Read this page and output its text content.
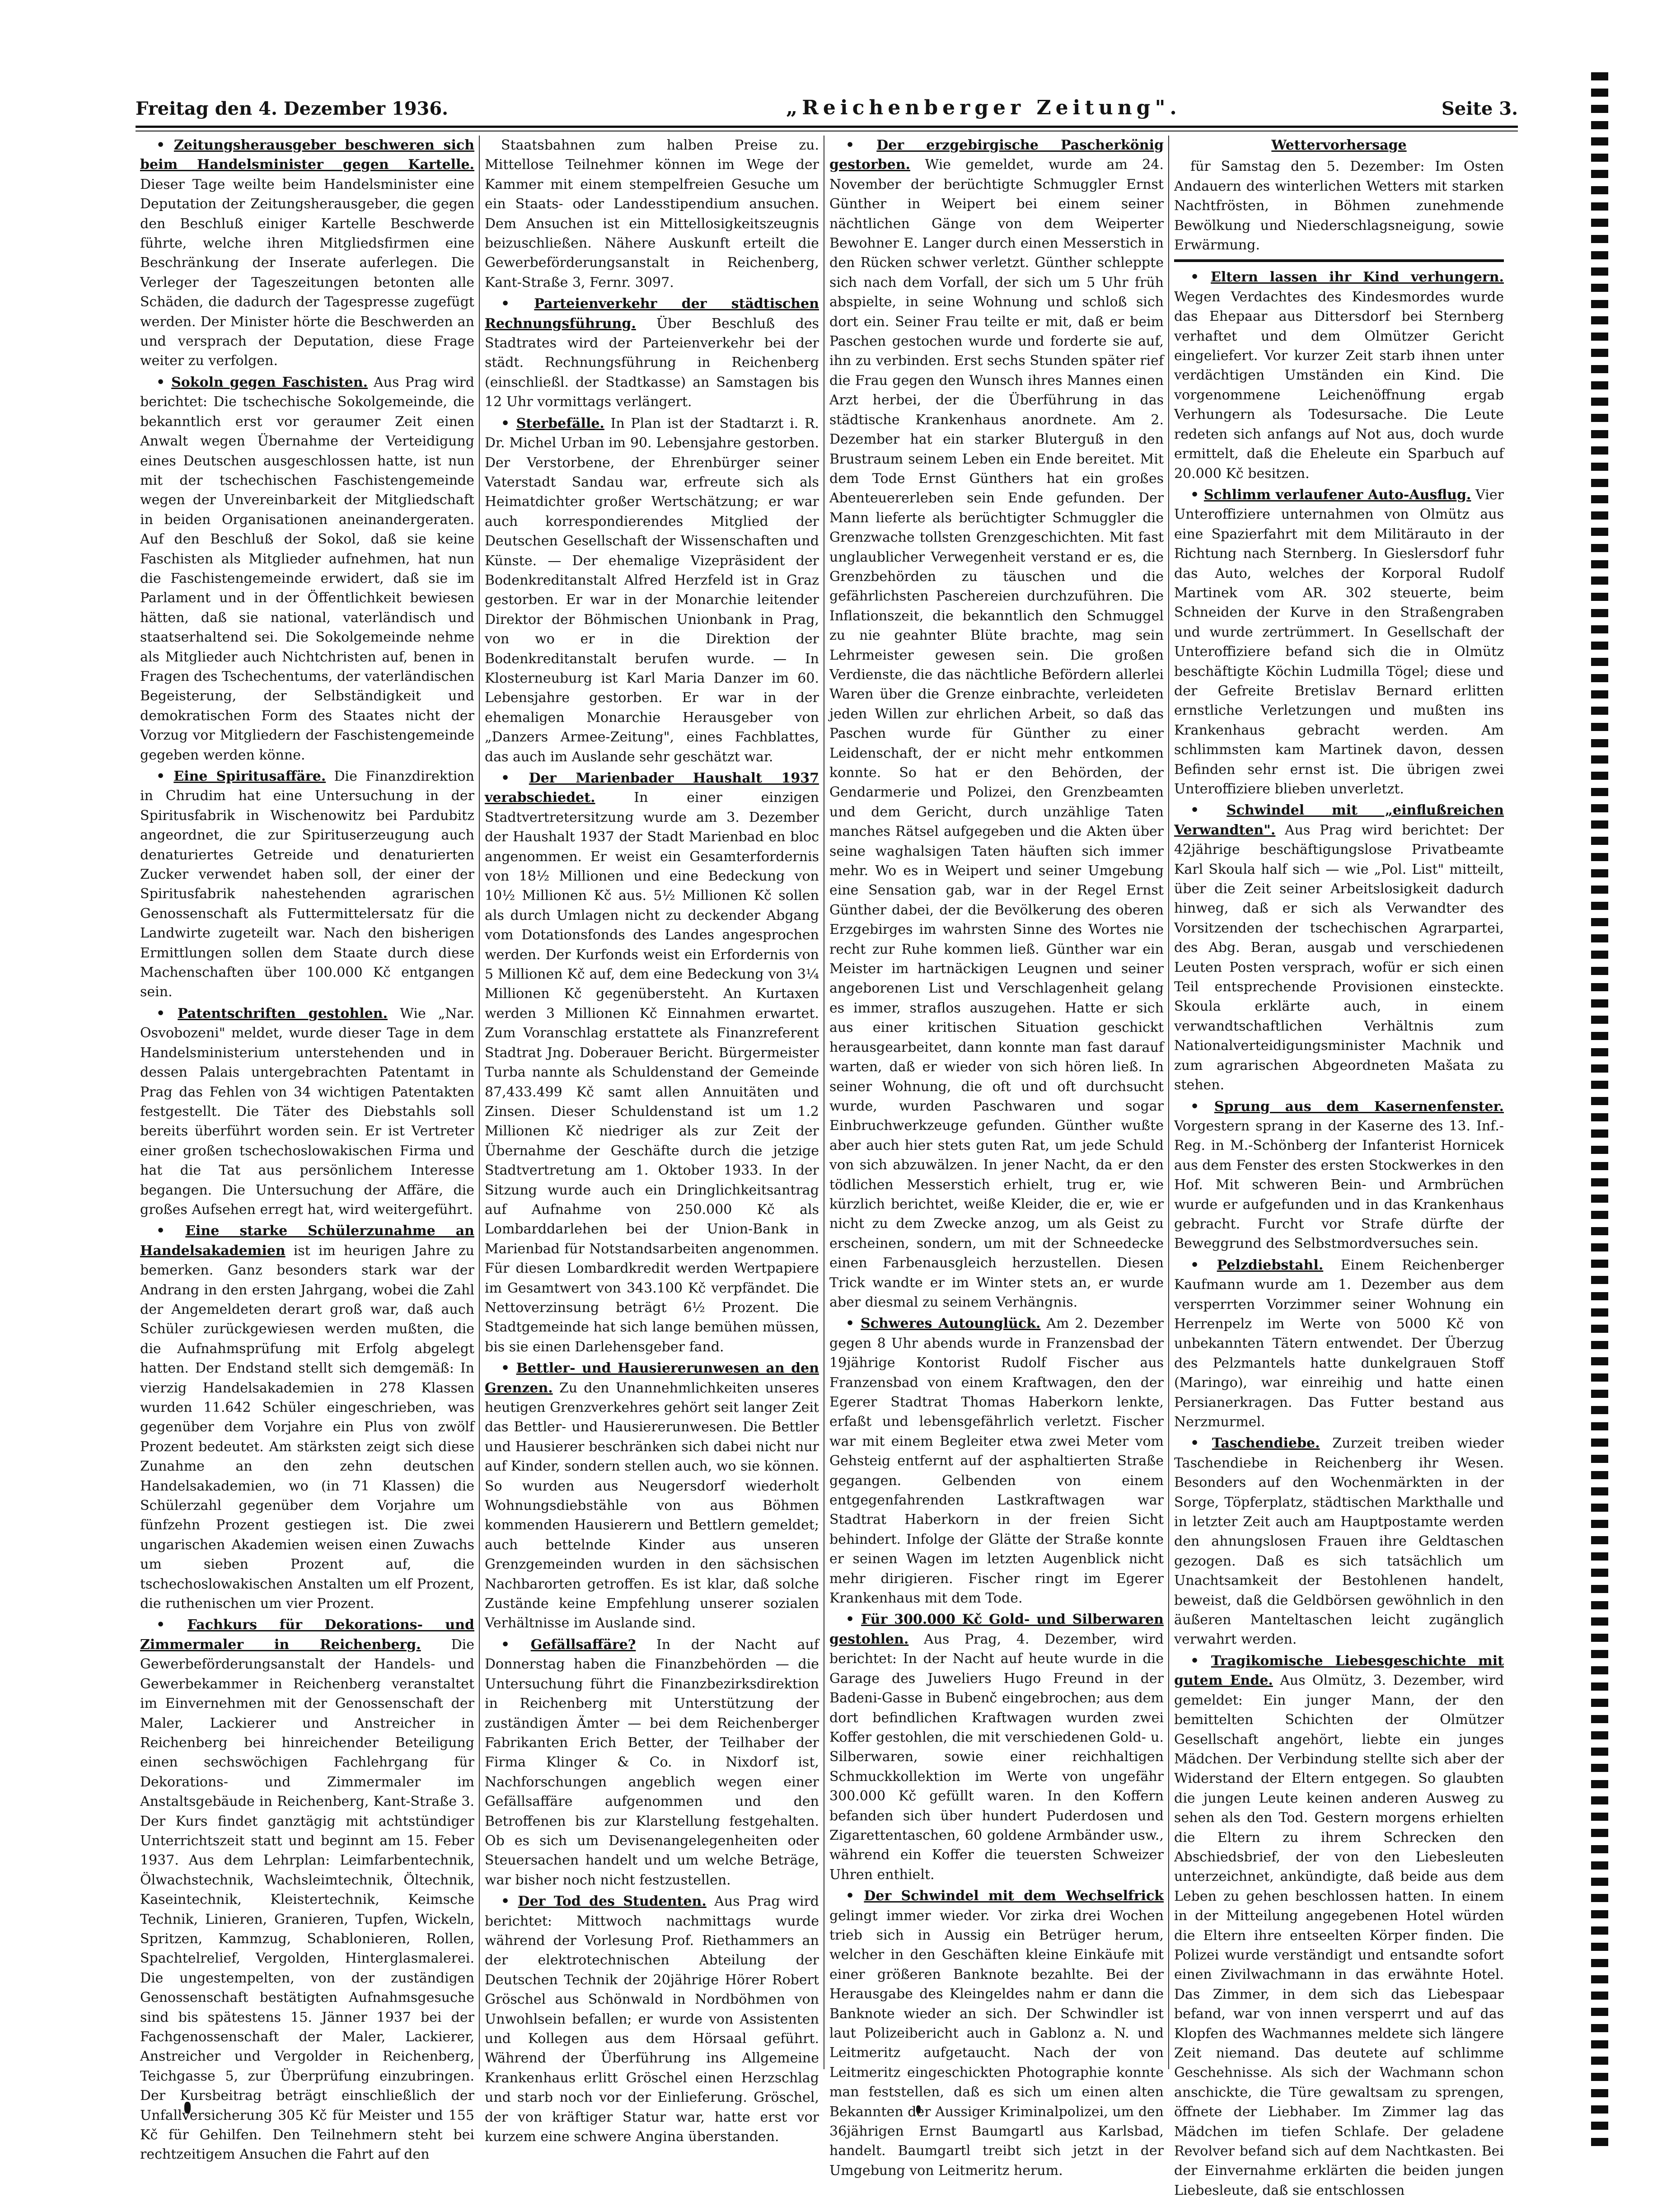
Freitag den 4. Dezember 1936.	„Reichenberger Zeitung".	Seite 3.

• Zeitungsherausgeber beschweren sich beim Handelsminister gegen Kartelle. Dieser Tage weilte beim Handelsminister eine Deputation der Zeitungsherausgeber, die gegen den Beschluß einiger Kartelle Beschwerde führte, welche ihren Mitgliedsfirmen eine Beschränkung der Inserate auferlegen. Die Verleger der Tageszeitungen betonten alle Schäden, die dadurch der Tagespresse zugefügt werden. Der Minister hörte die Beschwerden an und versprach der Deputation, diese Frage weiter zu verfolgen.

• Sokoln gegen Faschisten. Aus Prag wird berichtet: Die tschechische Sokolgemeinde, die bekanntlich erst vor geraumer Zeit einen Anwalt wegen Übernahme der Verteidigung eines Deutschen ausgeschlossen hatte, ist nun mit der tschechischen Faschistengemeinde wegen der Unvereinbarkeit der Mitgliedschaft in beiden Organisationen aneinandergeraten. Auf den Beschluß der Sokol, daß sie keine Faschisten als Mitglieder aufnehmen, hat nun die Faschistengemeinde erwidert, daß sie im Parlament und in der Öffentlichkeit bewiesen hätten, daß sie national, vaterländisch und staatserhaltend sei. Die Sokolgemeinde nehme als Mitglieder auch Nichtchristen auf, benen in Fragen des Tschechentums, der vaterländischen Begeisterung, der Selbständigkeit und demokratischen Form des Staates nicht der Vorzug vor Mitgliedern der Faschistengemeinde gegeben werden könne.

• Eine Spiritusaffäre. Die Finanzdirektion in Chrudim hat eine Untersuchung in der Spiritusfabrik in Wischenowitz bei Pardubitz angeordnet, die zur Spirituserzeugung auch denaturiertes Getreide und denaturierten Zucker verwendet haben soll, der einer der Spiritusfabrik nahestehenden agrarischen Genossenschaft als Futtermittelersatz für die Landwirte zugeteilt war. Nach den bisherigen Ermittlungen sollen dem Staate durch diese Machenschaften über 100.000 Kč entgangen sein.

• Patentschriften gestohlen. Wie „Nar. Osvobozeni" meldet, wurde dieser Tage in dem Handelsministerium unterstehenden und in dessen Palais untergebrachten Patentamt in Prag das Fehlen von 34 wichtigen Patentakten festgestellt. Die Täter des Diebstahls soll bereits überführt worden sein. Er ist Vertreter einer großen tschechoslowakischen Firma und hat die Tat aus persönlichem Interesse begangen. Die Untersuchung der Affäre, die großes Aufsehen erregt hat, wird weitergeführt.

• Eine starke Schülerzunahme an Handelsakademien ist im heurigen Jahre zu bemerken. Ganz besonders stark war der Andrang in den ersten Jahrgang, wobei die Zahl der Angemeldeten derart groß war, daß auch Schüler zurückgewiesen werden mußten, die die Aufnahmsprüfung mit Erfolg abgelegt hatten. Der Endstand stellt sich demgemäß: In vierzig Handelsakademien in 278 Klassen wurden 11.642 Schüler eingeschrieben, was gegenüber dem Vorjahre ein Plus von zwölf Prozent bedeutet. Am stärksten zeigt sich diese Zunahme an den zehn deutschen Handelsakademien, wo (in 71 Klassen) die Schülerzahl gegenüber dem Vorjahre um fünfzehn Prozent gestiegen ist. Die zwei ungarischen Akademien weisen einen Zuwachs um sieben Prozent auf, die tschechoslowakischen Anstalten um elf Prozent, die ruthenischen um vier Prozent.

• Fachkurs für Dekorations- und Zimmermaler in Reichenberg. Die Gewerbeförderungsanstalt der Handels- und Gewerbekammer in Reichenberg veranstaltet im Einvernehmen mit der Genossenschaft der Maler, Lackierer und Anstreicher in Reichenberg bei hinreichender Beteiligung einen sechswöchigen Fachlehrgang für Dekorations- und Zimmermaler im Anstaltsgebäude in Reichenberg, Kant-Straße 3. Der Kurs findet ganztägig mit achtstündiger Unterrichtszeit statt und beginnt am 15. Feber 1937. Aus dem Lehrplan: Leimfarbentechnik, Ölwachstechnik, Wachsleimtechnik, Öltechnik, Kaseintechnik, Kleistertechnik, Keimsche Technik, Linieren, Granieren, Tupfen, Wickeln, Spritzen, Kammzug, Schablonieren, Rollen, Spachtelrelief, Vergolden, Hinterglasmalerei. Die ungestempelten, von der zuständigen Genossenschaft bestätigten Aufnahmsgesuche sind bis spätestens 15. Jänner 1937 bei der Fachgenossenschaft der Maler, Lackierer, Anstreicher und Vergolder in Reichenberg, Teichgasse 5, zur Überprüfung einzubringen. Der Kursbeitrag beträgt einschließlich der Unfallversicherung 305 Kč für Meister und 155 Kč für Gehilfen. Den Teilnehmern steht bei rechtzeitigem Ansuchen die Fahrt auf den

Staatsbahnen zum halben Preise zu. Mittellose Teilnehmer können im Wege der Kammer mit einem stempelfreien Gesuche um ein Staats- oder Landesstipendium ansuchen. Dem Ansuchen ist ein Mittellosigkeitszeugnis beizuschließen. Nähere Auskunft erteilt die Gewerbeförderungsanstalt in Reichenberg, Kant-Straße 3, Fernr. 3097.

• Parteienverkehr der städtischen Rechnungsführung. Über Beschluß des Stadtrates wird der Parteienverkehr bei der städt. Rechnungsführung in Reichenberg (einschließl. der Stadtkasse) an Samstagen bis 12 Uhr vormittags verlängert.

• Sterbefälle. In Plan ist der Stadtarzt i. R. Dr. Michel Urban im 90. Lebensjahre gestorben. Der Verstorbene, der Ehrenbürger seiner Vaterstadt Sandau war, erfreute sich als Heimatdichter großer Wertschätzung; er war auch korrespondierendes Mitglied der Deutschen Gesellschaft der Wissenschaften und Künste. — Der ehemalige Vizepräsident der Bodenkreditanstalt Alfred Herzfeld ist in Graz gestorben. Er war in der Monarchie leitender Direktor der Böhmischen Unionbank in Prag, von wo er in die Direktion der Bodenkreditanstalt berufen wurde. — In Klosterneuburg ist Karl Maria Danzer im 60. Lebensjahre gestorben. Er war in der ehemaligen Monarchie Herausgeber von „Danzers Armee-Zeitung", eines Fachblattes, das auch im Auslande sehr geschätzt war.

• Der Marienbader Haushalt 1937 verabschiedet.	In einer einzigen Stadtvertretersitzung wurde am 3. Dezember der Haushalt 1937 der Stadt Marienbad en bloc angenommen. Er weist ein Gesamterfordernis von 18½ Millionen und eine Bedeckung von 10½ Millionen Kč aus. 5½ Millionen Kč sollen als durch Umlagen nicht zu deckender Abgang vom Dotationsfonds des Landes angesprochen werden. Der Kurfonds weist ein Erfordernis von 5 Millionen Kč auf, dem eine Bedeckung von 3¼ Millionen Kč gegenübersteht. An Kurtaxen werden 3 Millionen Kč Einnahmen erwartet. Zum Voranschlag erstattete als Finanzreferent Stadtrat Jng. Doberauer Bericht. Bürgermeister Turba nannte als Schuldenstand der Gemeinde 87,433.499 Kč samt allen Annuitäten und Zinsen. Dieser Schuldenstand ist um 1.2 Millionen Kč niedriger als zur Zeit der Übernahme der Geschäfte durch die jetzige Stadtvertretung am 1. Oktober 1933. In der Sitzung wurde auch ein Dringlichkeitsantrag auf Aufnahme von 250.000 Kč als Lombarddarlehen bei der Union-Bank in Marienbad für Notstandsarbeiten angenommen. Für diesen Lombardkredit werden Wertpapiere im Gesamtwert von 343.100 Kč verpfändet. Die Nettoverzinsung beträgt 6½ Prozent. Die Stadtgemeinde hat sich lange bemühen müssen, bis sie einen Darlehensgeber fand.

• Bettler- und Hausiererunwesen an den Grenzen. Zu den Unannehmlichkeiten unseres heutigen Grenzverkehres gehört seit langer Zeit das Bettler- und Hausiererunwesen. Die Bettler und Hausierer beschränken sich dabei nicht nur auf Kinder, sondern stellen auch, wo sie können. So wurden aus Neugersdorf wiederholt Wohnungsdiebstähle von aus Böhmen kommenden Hausierern und Bettlern gemeldet; auch bettelnde Kinder aus unseren Grenzgemeinden wurden in den sächsischen Nachbarorten getroffen. Es ist klar, daß solche Zustände keine Empfehlung unserer sozialen Verhältnisse im Auslande sind.

• Gefällsaffäre? In der Nacht auf Donnerstag haben die Finanzbehörden — die Untersuchung führt die Finanzbezirksdirektion in Reichenberg mit Unterstützung der zuständigen Ämter — bei dem Reichenberger Fabrikanten Erich Better, der Teilhaber der Firma Klinger & Co. in Nixdorf ist, Nachforschungen angeblich wegen einer Gefällsaffäre aufgenommen und den Betroffenen bis zur Klarstellung festgehalten. Ob es sich um Devisenangelegenheiten oder Steuersachen handelt und um welche Beträge, war bisher noch nicht festzustellen.

• Der Tod des Studenten. Aus Prag wird berichtet: Mittwoch nachmittags wurde während der Vorlesung Prof. Riethammers an der elektrotechnischen Abteilung der Deutschen Technik der 20jährige Hörer Robert Gröschel aus Schönwald in Nordböhmen von Unwohlsein befallen; er wurde von Assistenten und Kollegen aus dem Hörsaal geführt. Während der Überführung ins Allgemeine Krankenhaus erlitt Gröschel einen Herzschlag und starb noch vor der Einlieferung. Gröschel, der von kräftiger Statur war, hatte erst vor kurzem eine schwere Angina überstanden.

• Der erzgebirgische Pascherkönig gestorben. Wie gemeldet, wurde am 24. November der berüchtigte Schmuggler Ernst Günther in Weipert bei einem seiner nächtlichen Gänge von dem Weiperter Bewohner E. Langer durch einen Messerstich in den Rücken schwer verletzt. Günther schleppte sich nach dem Vorfall, der sich um 5 Uhr früh abspielte, in seine Wohnung und schloß sich dort ein. Seiner Frau teilte er mit, daß er beim Paschen gestochen wurde und forderte sie auf, ihn zu verbinden. Erst sechs Stunden später rief die Frau gegen den Wunsch ihres Mannes einen Arzt herbei, der die Überführung in das städtische Krankenhaus anordnete. Am 2. Dezember hat ein starker Bluterguß in den Brustraum seinem Leben ein Ende bereitet. Mit dem Tode Ernst Günthers hat ein großes Abenteuererleben sein Ende gefunden. Der Mann lieferte als berüchtigter Schmuggler die Grenzwache tollsten Grenzgeschichten. Mit fast unglaublicher Verwegenheit verstand er es, die Grenzbehörden zu täuschen und die gefährlichsten Paschereien durchzuführen. Die Inflationszeit, die bekanntlich den Schmuggel zu nie geahnter Blüte brachte, mag sein Lehrmeister gewesen sein. Die großen Verdienste, die das nächtliche Befördern allerlei Waren über die Grenze einbrachte, verleideten jeden Willen zur ehrlichen Arbeit, so daß das Paschen wurde für Günther zu einer Leidenschaft, der er nicht mehr entkommen konnte. So hat er den Behörden, der Gendarmerie und Polizei, den Grenzbeamten und dem Gericht, durch unzählige Taten manches Rätsel aufgegeben und die Akten über seine waghalsigen Taten häuften sich immer mehr. Wo es in Weipert und seiner Umgebung eine Sensation gab, war in der Regel Ernst Günther dabei, der die Bevölkerung des oberen Erzgebirges im wahrsten Sinne des Wortes nie recht zur Ruhe kommen ließ. Günther war ein Meister im hartnäckigen Leugnen und seiner angeborenen List und Verschlagenheit gelang es immer, straflos auszugehen. Hatte er sich aus einer kritischen Situation geschickt herausgearbeitet, dann konnte man fast darauf warten, daß er wieder von sich hören ließ. In seiner Wohnung, die oft und oft durchsucht wurde, wurden Paschwaren und sogar Einbruchwerkzeuge gefunden. Günther wußte aber auch hier stets guten Rat, um jede Schuld von sich abzuwälzen. In jener Nacht, da er den tödlichen Messerstich erhielt, trug er, wie kürzlich berichtet, weiße Kleider, die er, wie er nicht zu dem Zwecke anzog, um als Geist zu erscheinen, sondern, um mit der Schneedecke einen Farbenausgleich herzustellen. Diesen Trick wandte er im Winter stets an, er wurde aber diesmal zu seinem Verhängnis.

• Schweres Autounglück. Am 2. Dezember gegen 8 Uhr abends wurde in Franzensbad der 19jährige Kontorist Rudolf Fischer aus Franzensbad von einem Kraftwagen, den der Egerer Stadtrat Thomas Haberkorn lenkte, erfaßt und lebensgefährlich verletzt. Fischer war mit einem Begleiter etwa zwei Meter vom Gehsteig entfernt auf der asphaltierten Straße gegangen. Gelbenden von einem entgegenfahrenden Lastkraftwagen war Stadtrat Haberkorn in der freien Sicht behindert. Infolge der Glätte der Straße konnte er seinen Wagen im letzten Augenblick nicht mehr dirigieren. Fischer ringt im Egerer Krankenhaus mit dem Tode.

• Für 300.000 Kč Gold- und Silberwaren gestohlen. Aus Prag, 4. Dezember, wird berichtet: In der Nacht auf heute wurde in die Garage des Juweliers Hugo Freund in der Badeni-Gasse in Bubenč eingebrochen; aus dem dort befindlichen Kraftwagen wurden zwei Koffer gestohlen, die mit verschiedenen Gold- u. Silberwaren, sowie einer reichhaltigen Schmuckkollektion im Werte von ungefähr 300.000 Kč gefüllt waren. In den Koffern befanden sich über hundert Puderdosen und Zigarettentaschen, 60 goldene Armbänder usw., während ein Koffer die teuersten Schweizer Uhren enthielt.

• Der Schwindel mit dem Wechselfrick gelingt immer wieder. Vor zirka drei Wochen trieb sich in Aussig ein Betrüger herum, welcher in den Geschäften kleine Einkäufe mit einer größeren Banknote bezahlte. Bei der Herausgabe des Kleingeldes nahm er dann die Banknote wieder an sich. Der Schwindler ist laut Polizeibericht auch in Gablonz a. N. und Leitmeritz aufgetaucht. Nach der von Leitmeritz eingeschickten Photographie konnte man feststellen, daß es sich um einen alten Bekannten der Aussiger Kriminalpolizei, um den 36jährigen Ernst Baumgartl aus Karlsbad, handelt. Baumgartl treibt sich jetzt in der Umgebung von Leitmeritz herum.

Wettervorhersage

für Samstag den 5. Dezember: Im Osten Andauern des winterlichen Wetters mit starken Nachtfrösten, in Böhmen zunehmende Bewölkung und Niederschlagsneigung, sowie Erwärmung.

• Eltern lassen ihr Kind verhungern. Wegen Verdachtes des Kindesmordes wurde das Ehepaar aus Dittersdorf bei Sternberg verhaftet und dem Olmützer Gericht eingeliefert. Vor kurzer Zeit starb ihnen unter verdächtigen Umständen ein Kind. Die vorgenommene Leichenöffnung ergab Verhungern als Todesursache. Die Leute redeten sich anfangs auf Not aus, doch wurde ermittelt, daß die Eheleute ein Sparbuch auf 20.000 Kč besitzen.

• Schlimm verlaufener Auto-Ausflug. Vier Unteroffiziere unternahmen von Olmütz aus eine Spazierfahrt mit dem Militärauto in der Richtung nach Sternberg. In Gieslersdorf fuhr das Auto, welches der Korporal Rudolf Martinek vom AR. 302 steuerte, beim Schneiden der Kurve in den Straßengraben und wurde zertrümmert. In Gesellschaft der Unteroffiziere befand sich die in Olmütz beschäftigte Köchin Ludmilla Tögel; diese und der Gefreite Bretislav Bernard erlitten ernstliche Verletzungen und mußten ins Krankenhaus gebracht werden. Am schlimmsten kam Martinek davon, dessen Befinden sehr ernst ist. Die übrigen zwei Unteroffiziere blieben unverletzt.

• Schwindel mit „einflußreichen Verwandten". Aus Prag wird berichtet: Der 42jährige beschäftigungslose Privatbeamte Karl Skoula half sich — wie „Pol. List" mitteilt, über die Zeit seiner Arbeitslosigkeit dadurch hinweg, daß er sich als Verwandter des Vorsitzenden der tschechischen Agrarpartei, des Abg. Beran, ausgab und verschiedenen Leuten Posten versprach, wofür er sich einen Teil entsprechende Provisionen einsteckte. Skoula erklärte auch, in einem verwandtschaftlichen Verhältnis zum Nationalverteidigungsminister Machnik und zum agrarischen Abgeordneten Mašata zu stehen.

• Sprung aus dem Kasernenfenster. Vorgestern sprang in der Kaserne des 13. Inf.-Reg. in M.-Schönberg der Infanterist Hornicek aus dem Fenster des ersten Stockwerkes in den Hof. Mit schweren Bein- und Armbrüchen wurde er aufgefunden und in das Krankenhaus gebracht. Furcht vor Strafe dürfte der Beweggrund des Selbstmordversuches sein.

• Pelzdiebstahl. Einem Reichenberger Kaufmann wurde am 1. Dezember aus dem versperrten Vorzimmer seiner Wohnung ein Herrenpelz im Werte von 5000 Kč von unbekannten Tätern entwendet. Der Überzug des Pelzmantels hatte dunkelgrauen Stoff (Maringo), war einreihig und hatte einen Persianerkragen. Das Futter bestand aus Nerzmurmel.

• Taschendiebe. Zurzeit treiben wieder Taschendiebe in Reichenberg ihr Wesen. Besonders auf den Wochenmärkten in der Sorge, Töpferplatz, städtischen Markthalle und in letzter Zeit auch am Hauptpostamte werden den ahnungslosen Frauen ihre Geldtaschen gezogen. Daß es sich tatsächlich um Unachtsamkeit der Bestohlenen handelt, beweist, daß die Geldbörsen gewöhnlich in den äußeren Manteltaschen leicht zugänglich verwahrt werden.

• Tragikomische Liebesgeschichte mit gutem Ende. Aus Olmütz, 3. Dezember, wird gemeldet: Ein junger Mann, der den bemittelten Schichten der Olmützer Gesellschaft angehört, liebte ein junges Mädchen. Der Verbindung stellte sich aber der Widerstand der Eltern entgegen. So glaubten die jungen Leute keinen anderen Ausweg zu sehen als den Tod. Gestern morgens erhielten die Eltern zu ihrem Schrecken den Abschiedsbrief, der von den Liebesleuten unterzeichnet, ankündigte, daß beide aus dem Leben zu gehen beschlossen hatten. In einem in der Mitteilung angegebenen Hotel würden die Eltern ihre entseelten Körper finden. Die Polizei wurde verständigt und entsandte sofort einen Zivilwachmann in das erwähnte Hotel. Das Zimmer, in dem sich das Liebespaar befand, war von innen versperrt und auf das Klopfen des Wachmannes meldete sich längere Zeit niemand. Das deutete auf schlimme Geschehnisse. Als sich der Wachmann schon anschickte, die Türe gewaltsam zu sprengen, öffnete der Liebhaber. Im Zimmer lag das Mädchen im tiefen Schlafe. Der geladene Revolver befand sich auf dem Nachtkasten. Bei der Einvernahme erklärten die beiden jungen Liebesleute, daß sie entschlossen
